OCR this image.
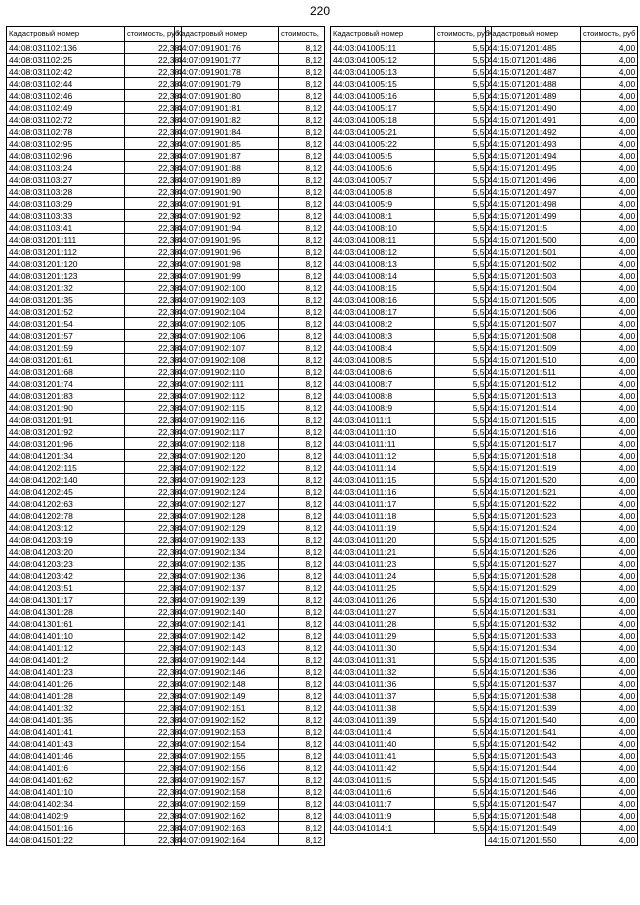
220
Кадастровый номер	стоимость, руб
44:08:031102:136	22,38
44:08:031102:25	22,38
44:08:031102:42	22,38
44:08:031102:44	22,38
44:08:031102:46	22,38
44:08:031102:49	22,38
44:08:031102:72	22,38
44:08:031102:78	22,38
44:08:031102:95	22,38
44:08:031102:96	22,38
44:08:031103:24	22,38
44:08:031103:27	22,38
44:08:031103:28	22,38
44:08:031103:29	22,38
44:08:031103:33	22,38
44:08:031103:41	22,38
44:08:031201:111	22,38
44:08:031201:112	22,38
44:08:031201:120	22,38
44:08:031201:123	22,38
44:08:031201:32	22,38
44:08:031201:35	22,38
44:08:031201:52	22,38
44:08:031201:54	22,38
44:08:031201:57	22,38
44:08:031201:59	22,38
44:08:031201:61	22,38
44:08:031201:68	22,38
44:08:031201:74	22,38
44:08:031201:83	22,38
44:08:031201:90	22,38
44:08:031201:91	22,38
44:08:031201:92	22,38
44:08:031201:96	22,38
44:08:041201:34	22,38
44:08:041202:115	22,38
44:08:041202:140	22,38
44:08:041202:45	22,38
44:08:041202:63	22,38
44:08:041202:78	22,38
44:08:041203:12	22,38
44:08:041203:19	22,38
44:08:041203:20	22,38
44:08:041203:23	22,38
44:08:041203:42	22,38
44:08:041203:51	22,38
44:08:041301:17	22,38
44:08:041301:28	22,38
44:08:041301:61	22,38
44:08:041401:10	22,38
44:08:041401:12	22,38
44:08:041401:2	22,38
44:08:041401:23	22,38
44:08:041401:26	22,38
44:08:041401:28	22,38
44:08:041401:32	22,38
44:08:041401:35	22,38
44:08:041401:41	22,38
44:08:041401:43	22,38
44:08:041401:46	22,38
44:08:041401:6	22,38
44:08:041401:62	22,38
44:08:041401:10	22,38
44:08:041402:34	22,38
44:08:041402:9	22,38
44:08:041501:16	22,38
44:08:041501:22	22,38
Кадастровый номер	стоимость,
44:07:091901:76	8,12
44:07:091901:77	8,12
44:07:091901:78	8,12
44:07:091901:79	8,12
44:07:091901:80	8,12
44:07:091901:81	8,12
44:07:091901:82	8,12
44:07:091901:84	8,12
44:07:091901:85	8,12
44:07:091901:87	8,12
44:07:091901:88	8,12
44:07:091901:89	8,12
44:07:091901:90	8,12
44:07:091901:91	8,12
44:07:091901:92	8,12
44:07:091901:94	8,12
44:07:091901:95	8,12
44:07:091901:96	8,12
44:07:091901:98	8,12
44:07:091901:99	8,12
44:07:091902:100	8,12
44:07:091902:103	8,12
44:07:091902:104	8,12
44:07:091902:105	8,12
44:07:091902:106	8,12
44:07:091902:107	8,12
44:07:091902:108	8,12
44:07:091902:110	8,12
44:07:091902:111	8,12
44:07:091902:112	8,12
44:07:091902:115	8,12
44:07:091902:116	8,12
44:07:091902:117	8,12
44:07:091902:118	8,12
44:07:091902:120	8,12
44:07:091902:122	8,12
44:07:091902:123	8,12
44:07:091902:124	8,12
44:07:091902:127	8,12
44:07:091902:128	8,12
44:07:091902:129	8,12
44:07:091902:133	8,12
44:07:091902:134	8,12
44:07:091902:135	8,12
44:07:091902:136	8,12
44:07:091902:137	8,12
44:07:091902:139	8,12
44:07:091902:140	8,12
44:07:091902:141	8,12
44:07:091902:142	8,12
44:07:091902:143	8,12
44:07:091902:144	8,12
44:07:091902:146	8,12
44:07:091902:148	8,12
44:07:091902:149	8,12
44:07:091902:151	8,12
44:07:091902:152	8,12
44:07:091902:153	8,12
44:07:091902:154	8,12
44:07:091902:155	8,12
44:07:091902:156	8,12
44:07:091902:157	8,12
44:07:091902:158	8,12
44:07:091902:159	8,12
44:07:091902:162	8,12
44:07:091902:163	8,12
44:07:091902:164	8,12
Кадастровый номер	стоимость, руб
44:03:041005:11	5,50
44:03:041005:12	5,50
44:03:041005:13	5,50
44:03:041005:15	5,50
44:03:041005:16	5,50
44:03:041005:17	5,50
44:03:041005:18	5,50
44:03:041005:21	5,50
44:03:041005:22	5,50
44:03:041005:5	5,50
44:03:041005:6	5,50
44:03:041005:7	5,50
44:03:041005:8	5,50
44:03:041005:9	5,50
44:03:041008:1	5,50
44:03:041008:10	5,50
44:03:041008:11	5,50
44:03:041008:12	5,50
44:03:041008:13	5,50
44:03:041008:14	5,50
44:03:041008:15	5,50
44:03:041008:16	5,50
44:03:041008:17	5,50
44:03:041008:2	5,50
44:03:041008:3	5,50
44:03:041008:4	5,50
44:03:041008:5	5,50
44:03:041008:6	5,50
44:03:041008:7	5,50
44:03:041008:8	5,50
44:03:041008:9	5,50
44:03:041011:1	5,50
44:03:041011:10	5,50
44:03:041011:11	5,50
44:03:041011:12	5,50
44:03:041011:14	5,50
44:03:041011:15	5,50
44:03:041011:16	5,50
44:03:041011:17	5,50
44:03:041011:18	5,50
44:03:041011:19	5,50
44:03:041011:20	5,50
44:03:041011:21	5,50
44:03:041011:23	5,50
44:03:041011:24	5,50
44:03:041011:25	5,50
44:03:041011:26	5,50
44:03:041011:27	5,50
44:03:041011:28	5,50
44:03:041011:29	5,50
44:03:041011:30	5,50
44:03:041011:31	5,50
44:03:041011:32	5,50
44:03:041011:36	5,50
44:03:041011:37	5,50
44:03:041011:38	5,50
44:03:041011:39	5,50
44:03:041011:4	5,50
44:03:041011:40	5,50
44:03:041011:41	5,50
44:03:041011:42	5,50
44:03:041011:5	5,50
44:03:041011:6	5,50
44:03:041011:7	5,50
44:03:041011:9	5,50
44:03:041014:1	5,50
Кадастровый номер	стоимость, руб
44:15:071201:485	4,00
44:15:071201:486	4,00
44:15:071201:487	4,00
44:15:071201:488	4,00
44:15:071201:489	4,00
44:15:071201:490	4,00
44:15:071201:491	4,00
44:15:071201:492	4,00
44:15:071201:493	4,00
44:15:071201:494	4,00
44:15:071201:495	4,00
44:15:071201:496	4,00
44:15:071201:497	4,00
44:15:071201:498	4,00
44:15:071201:499	4,00
44:15:071201:5	4,00
44:15:071201:500	4,00
44:15:071201:501	4,00
44:15:071201:502	4,00
44:15:071201:503	4,00
44:15:071201:504	4,00
44:15:071201:505	4,00
44:15:071201:506	4,00
44:15:071201:507	4,00
44:15:071201:508	4,00
44:15:071201:509	4,00
44:15:071201:510	4,00
44:15:071201:511	4,00
44:15:071201:512	4,00
44:15:071201:513	4,00
44:15:071201:514	4,00
44:15:071201:515	4,00
44:15:071201:516	4,00
44:15:071201:517	4,00
44:15:071201:518	4,00
44:15:071201:519	4,00
44:15:071201:520	4,00
44:15:071201:521	4,00
44:15:071201:522	4,00
44:15:071201:523	4,00
44:15:071201:524	4,00
44:15:071201:525	4,00
44:15:071201:526	4,00
44:15:071201:527	4,00
44:15:071201:528	4,00
44:15:071201:529	4,00
44:15:071201:530	4,00
44:15:071201:531	4,00
44:15:071201:532	4,00
44:15:071201:533	4,00
44:15:071201:534	4,00
44:15:071201:535	4,00
44:15:071201:536	4,00
44:15:071201:537	4,00
44:15:071201:538	4,00
44:15:071201:539	4,00
44:15:071201:540	4,00
44:15:071201:541	4,00
44:15:071201:542	4,00
44:15:071201:543	4,00
44:15:071201:544	4,00
44:15:071201:545	4,00
44:15:071201:546	4,00
44:15:071201:547	4,00
44:15:071201:548	4,00
44:15:071201:549	4,00
44:15:071201:550	4,00
